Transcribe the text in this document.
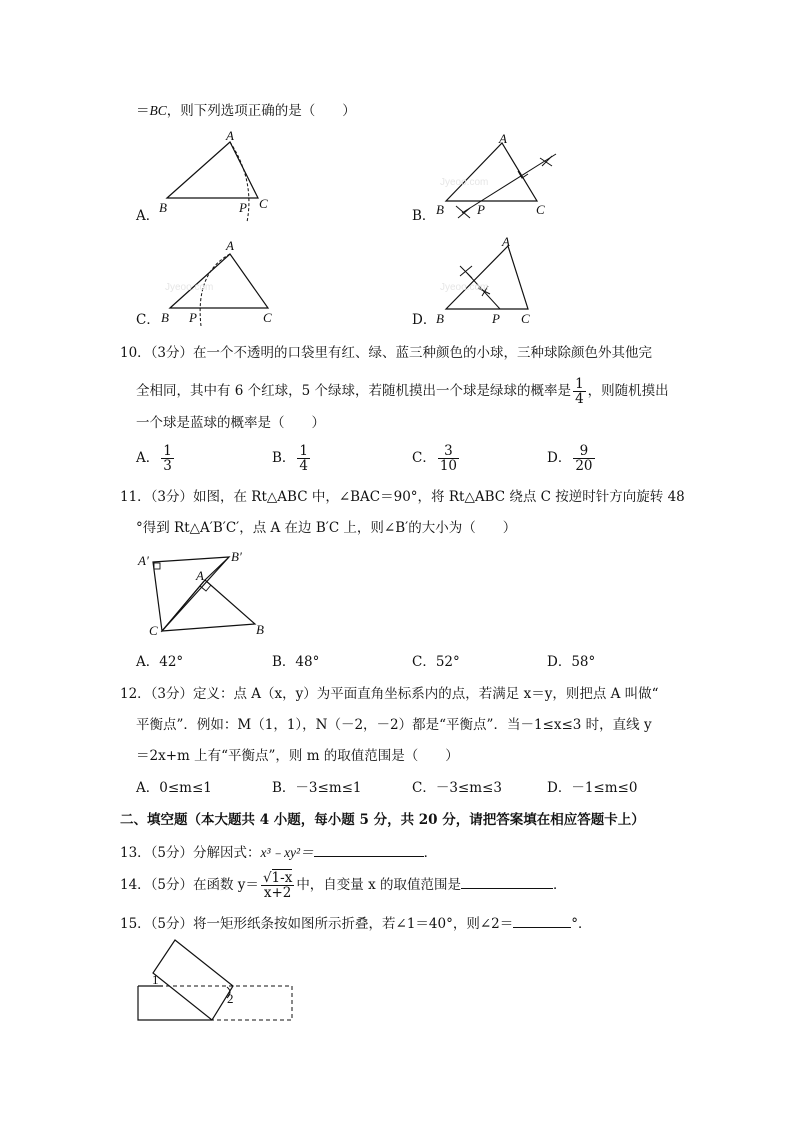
＝BC，则下列选项正确的是（　　）
A．
A
B	P C
B．
A
B	P	C
Jyeoo.com
C．
A
B P	C
Jyeoo.com
D．
A
B	P C
Jyeoo.com
10．（3分）在一个不透明的口袋里有红、绿、蓝三种颜色的小球，三种球除颜色外其他完
全相同，其中有 6 个红球，5 个绿球，若随机摸出一个球是绿球的概率是 $\frac{1}{4}$ ，则随机摸出
一个球是蓝球的概率是（　　）
A． $\frac{1}{3}$	B． $\frac{1}{4}$	C． $\frac{3}{10}$	D． $\frac{9}{20}$
11．（3分）如图，在 Rt△ABC 中，∠BAC＝90°，将 Rt△ABC 绕点 C 按逆时针方向旋转 48
°得到 Rt△A′B′C′，点 A 在边 B′C 上，则∠B′的大小为（　　）
A′	B′
A
C	B
A．42°	B．48°	C．52°	D．58°
12．（3分）定义：点 A（x，y）为平面直角坐标系内的点，若满足 x＝y，则把点 A 叫做“
平衡点”．例如：M（1，1），N（－2，－2）都是“平衡点”．当－1≤x≤3 时，直线 y
＝2x+m 上有“平衡点”，则 m 的取值范围是（　　）
A．0≤m≤1	B．－3≤m≤1	C．－3≤m≤3	D．－1≤m≤0
二、填空题（本大题共 4 小题，每小题 5 分，共 20 分，请把答案填在相应答题卡上）
13．（5分）分解因式：x³﹣xy²＝	．
14．（5分）在函数 $y= \frac{√1-x}{x+2}$ 中，自变量 x 的取值范围是	．
15．（5分）将一矩形纸条按如图所示折叠，若∠1＝40°，则∠2＝	°．
1
2
